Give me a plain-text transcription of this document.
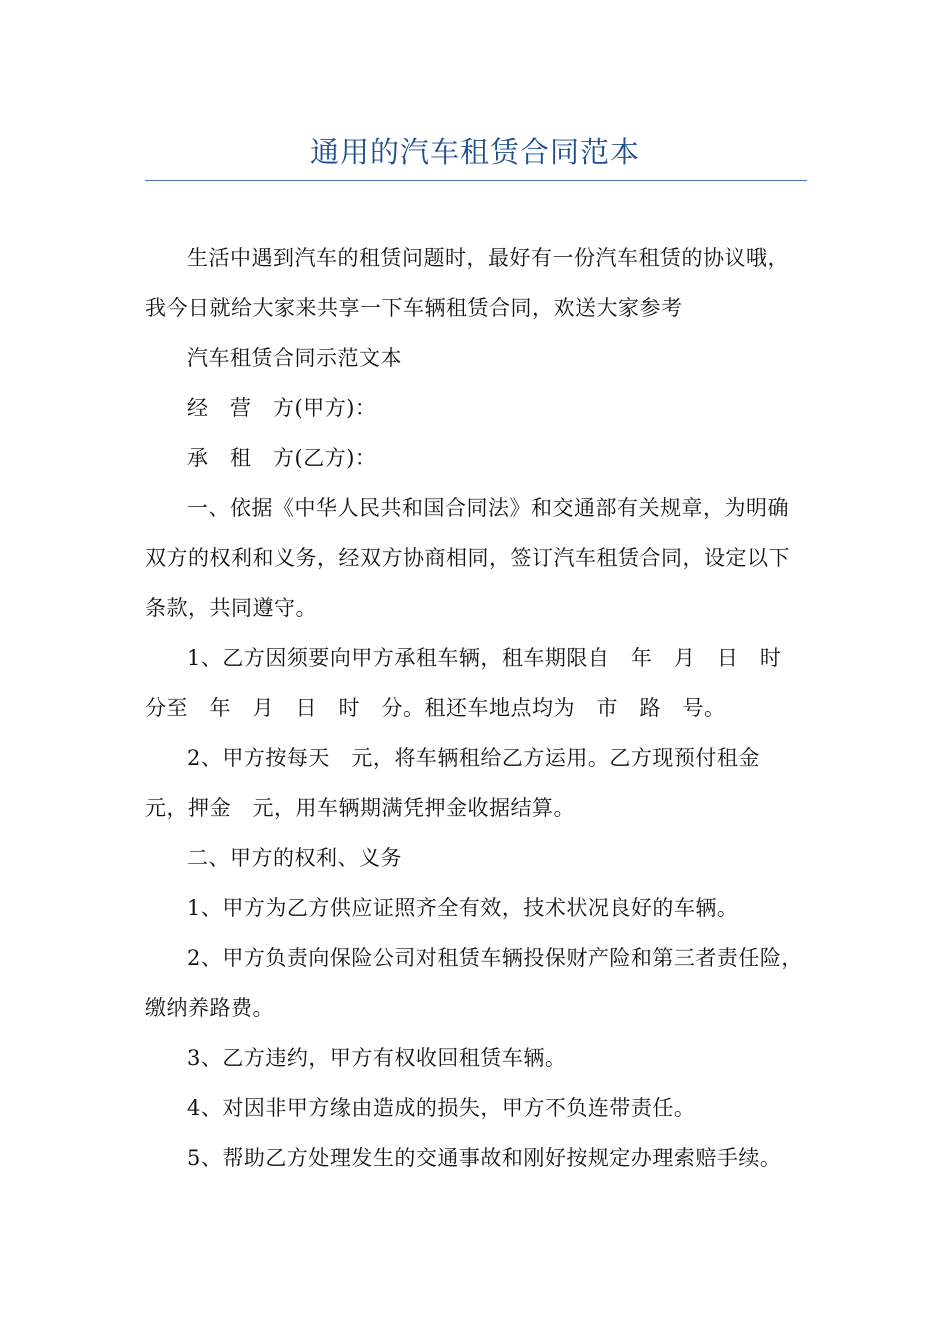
通用的汽车租赁合同范本

生活中遇到汽车的租赁问题时，最好有一份汽车租赁的协议哦，我今日就给大家来共享一下车辆租赁合同，欢送大家参考

汽车租赁合同示范文本

经　营　方(甲方)：

承　租　方(乙方)：

一、依据《中华人民共和国合同法》和交通部有关规章，为明确双方的权利和义务，经双方协商相同，签订汽车租赁合同，设定以下条款，共同遵守。

1、乙方因须要向甲方承租车辆，租车期限自　年　月　日　时　分至　年　月　日　时　分。租还车地点均为　市　路　号。

2、甲方按每天　元，将车辆租给乙方运用。乙方现预付租金　元，押金　元，用车辆期满凭押金收据结算。

二、甲方的权利、义务

1、甲方为乙方供应证照齐全有效，技术状况良好的车辆。

2、甲方负责向保险公司对租赁车辆投保财产险和第三者责任险，缴纳养路费。

3、乙方违约，甲方有权收回租赁车辆。

4、对因非甲方缘由造成的损失，甲方不负连带责任。

5、帮助乙方处理发生的交通事故和刚好按规定办理索赔手续。
